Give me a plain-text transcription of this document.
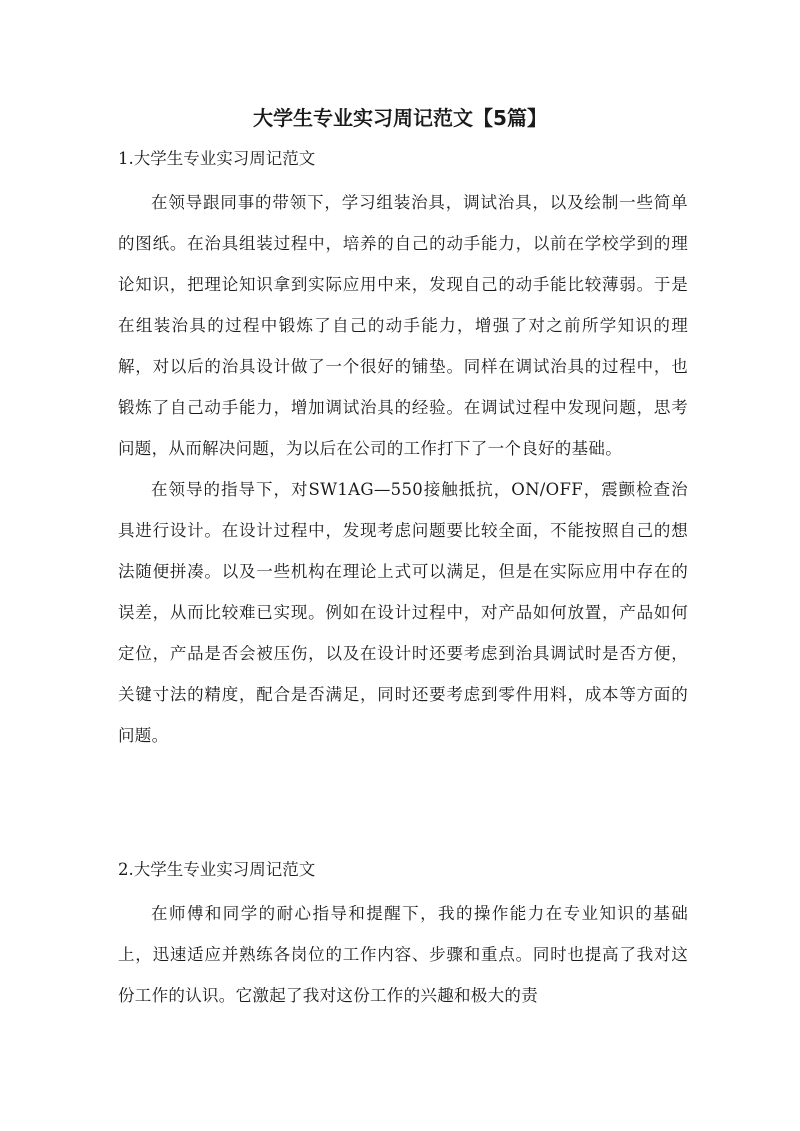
大学生专业实习周记范文【5篇】
1.大学生专业实习周记范文

在领导跟同事的带领下，学习组装治具，调试治具，以及绘制一些简单的图纸。在治具组装过程中，培养的自己的动手能力，以前在学校学到的理论知识，把理论知识拿到实际应用中来，发现自己的动手能比较薄弱。于是在组装治具的过程中锻炼了自己的动手能力，增强了对之前所学知识的理解，对以后的治具设计做了一个很好的铺垫。同样在调试治具的过程中，也锻炼了自己动手能力，增加调试治具的经验。在调试过程中发现问题，思考问题，从而解决问题，为以后在公司的工作打下了一个良好的基础。

在领导的指导下，对SW1AG—550接触抵抗，ON/OFF，震颤检查治具进行设计。在设计过程中，发现考虑问题要比较全面，不能按照自己的想法随便拼凑。以及一些机构在理论上式可以满足，但是在实际应用中存在的误差，从而比较难已实现。例如在设计过程中，对产品如何放置，产品如何定位，产品是否会被压伤，以及在设计时还要考虑到治具调试时是否方便，关键寸法的精度，配合是否满足，同时还要考虑到零件用料，成本等方面的问题。

2.大学生专业实习周记范文

在师傅和同学的耐心指导和提醒下，我的操作能力在专业知识的基础上，迅速适应并熟练各岗位的工作内容、步骤和重点。同时也提高了我对这份工作的认识。它激起了我对这份工作的兴趣和极大的责
